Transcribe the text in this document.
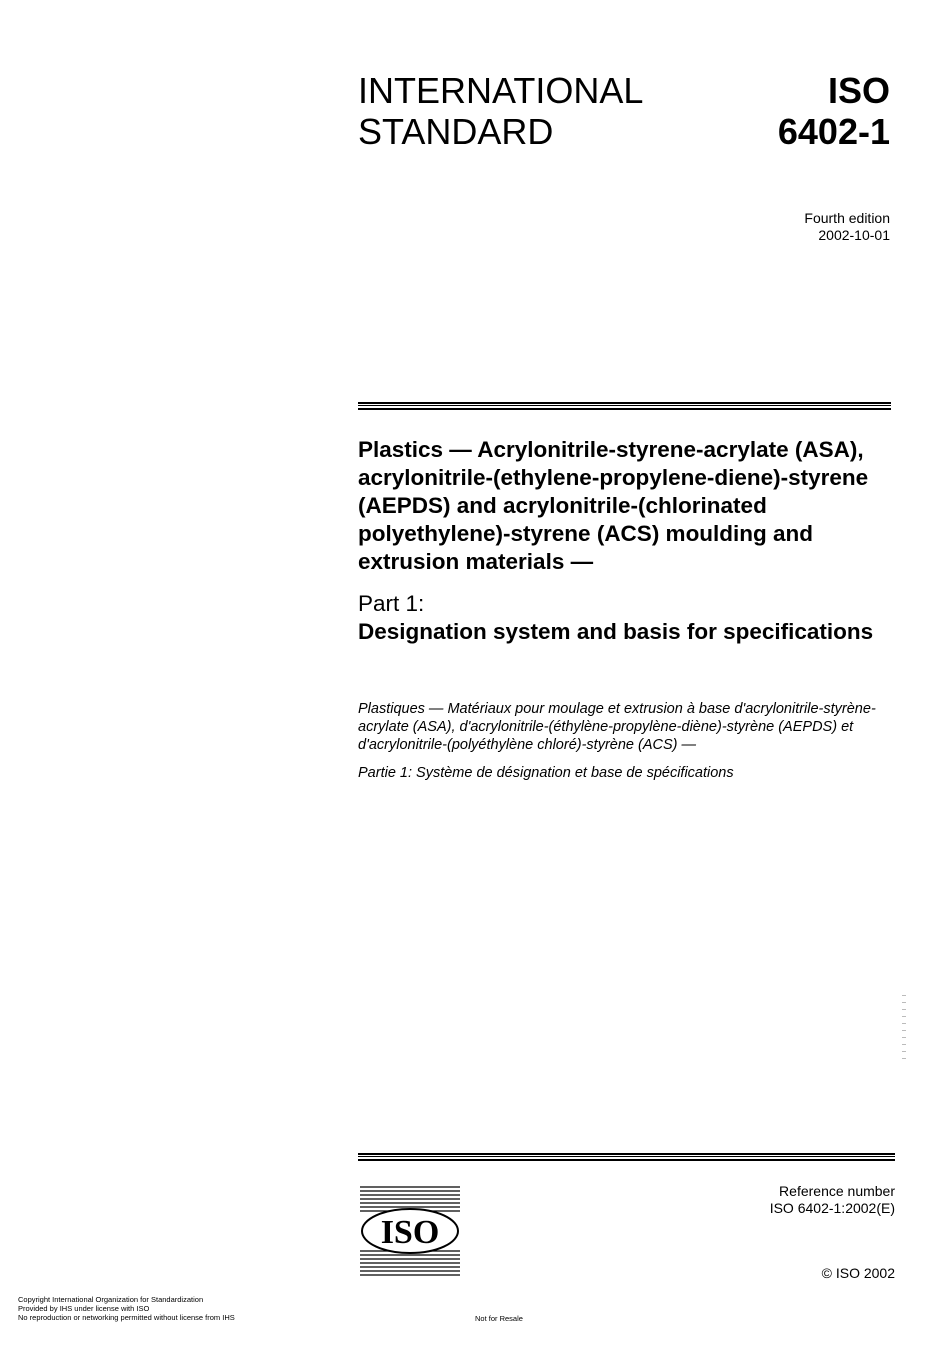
INTERNATIONAL
STANDARD
ISO
6402-1
Fourth edition
2002-10-01
Plastics — Acrylonitrile-styrene-acrylate (ASA), acrylonitrile-(ethylene-propylene-diene)-styrene (AEPDS) and acrylonitrile-(chlorinated polyethylene)-styrene (ACS) moulding and extrusion materials —
Part 1:
Designation system and basis for specifications
Plastiques — Matériaux pour moulage et extrusion à base d'acrylonitrile-styrène-acrylate (ASA), d'acrylonitrile-(éthylène-propylène-diène)-styrène (AEPDS) et d'acrylonitrile-(polyéthylène chloré)-styrène (ACS) —
Partie 1: Système de désignation et base de spécifications
ISO
Reference number
ISO 6402-1:2002(E)
© ISO 2002
Copyright International Organization for Standardization
Provided by IHS under license with ISO
No reproduction or networking permitted without license from IHS	Not for Resale
